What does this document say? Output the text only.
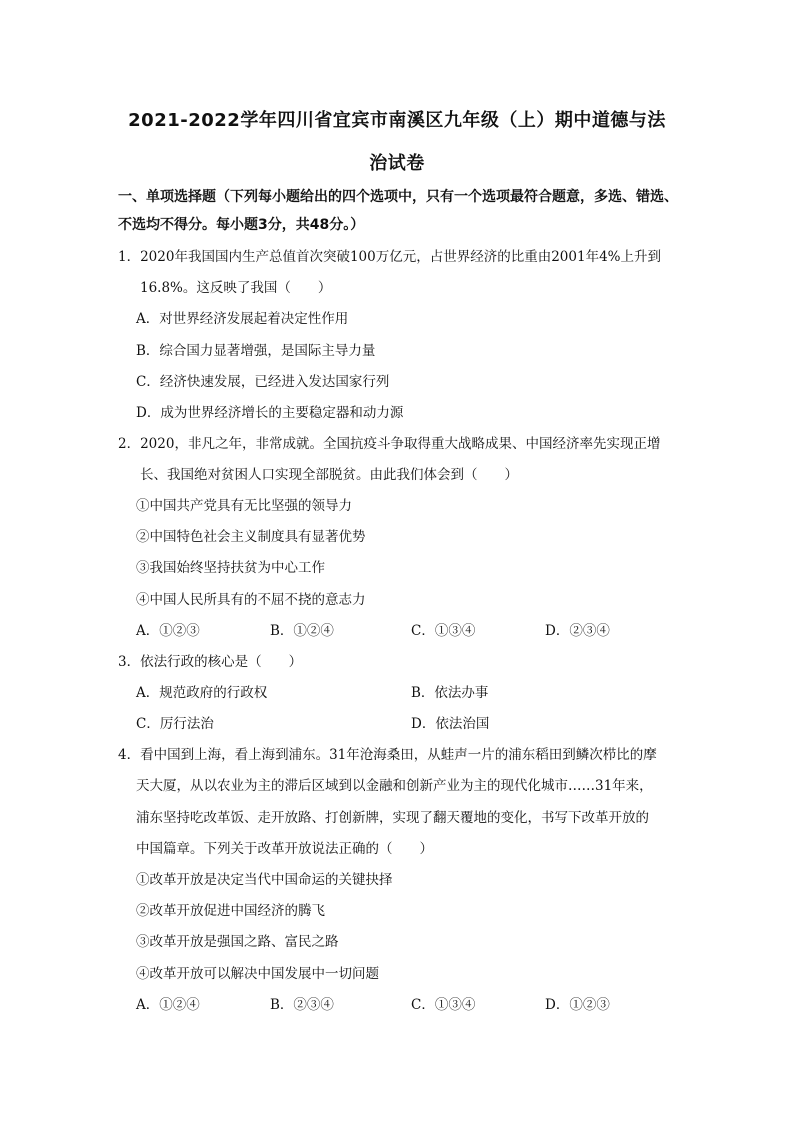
2021-2022学年四川省宜宾市南溪区九年级（上）期中道德与法
治试卷
一、单项选择题（下列每小题给出的四个选项中，只有一个选项最符合题意，多选、错选、
不选均不得分。每小题3分，共48分。）
1．2020年我国国内生产总值首次突破100万亿元，占世界经济的比重由2001年4%上升到
16.8%。这反映了我国（　　）
A．对世界经济发展起着决定性作用
B．综合国力显著增强，是国际主导力量
C．经济快速发展，已经进入发达国家行列
D．成为世界经济增长的主要稳定器和动力源
2．2020，非凡之年，非常成就。全国抗疫斗争取得重大战略成果、中国经济率先实现正增
长、我国绝对贫困人口实现全部脱贫。由此我们体会到（　　）
①中国共产党具有无比坚强的领导力
②中国特色社会主义制度具有显著优势
③我国始终坚持扶贫为中心工作
④中国人民所具有的不屈不挠的意志力
A．①②③	B．①②④	C．①③④	D．②③④
3．依法行政的核心是（　　）
A．规范政府的行政权	B．依法办事
C．厉行法治	D．依法治国
4．看中国到上海，看上海到浦东。31年沧海桑田，从蛙声一片的浦东稻田到鳞次栉比的摩
天大厦，从以农业为主的滞后区域到以金融和创新产业为主的现代化城市……31年来，
浦东坚持吃改革饭、走开放路、打创新牌，实现了翻天覆地的变化，书写下改革开放的
中国篇章。下列关于改革开放说法正确的（　　）
①改革开放是决定当代中国命运的关键抉择
②改革开放促进中国经济的腾飞
③改革开放是强国之路、富民之路
④改革开放可以解决中国发展中一切问题
A．①②④	B．②③④	C．①③④	D．①②③
